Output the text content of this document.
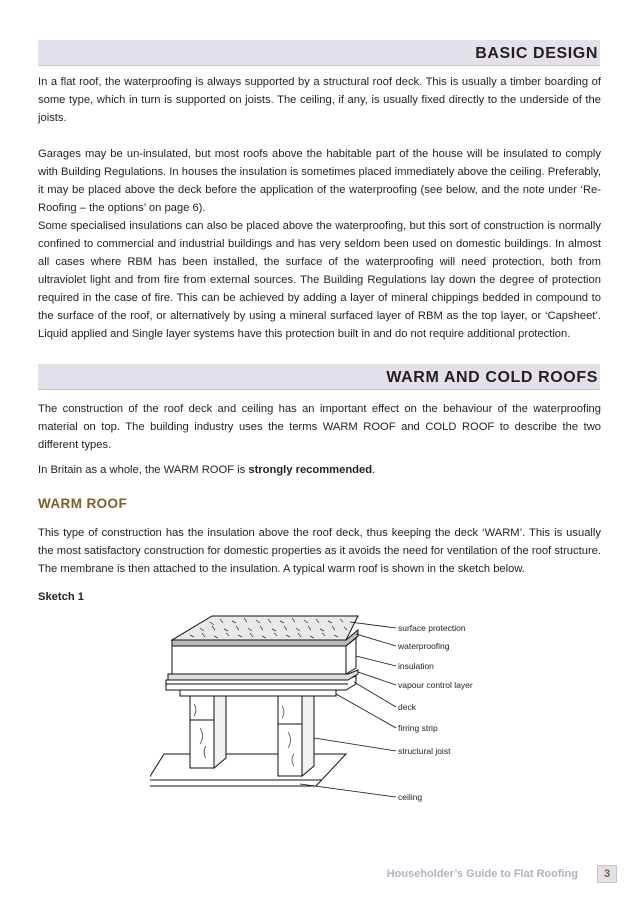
BASIC DESIGN

In a flat roof, the waterproofing is always supported by a structural roof deck. This is usually a timber boarding of some type, which in turn is supported on joists. The ceiling, if any, is usually fixed directly to the underside of the joists.

Garages may be un-insulated, but most roofs above the habitable part of the house will be insulated to comply with Building Regulations. In houses the insulation is sometimes placed immediately above the ceiling. Preferably, it may be placed above the deck before the application of the waterproofing (see below, and the note under ‘Re-Roofing – the options’ on page 6).

Some specialised insulations can also be placed above the waterproofing, but this sort of construction is normally confined to commercial and industrial buildings and has very seldom been used on domestic buildings. In almost all cases where RBM has been installed, the surface of the waterproofing will need protection, both from ultraviolet light and from fire from external sources. The Building Regulations lay down the degree of protection required in the case of fire. This can be achieved by adding a layer of mineral chippings bedded in compound to the surface of the roof, or alternatively by using a mineral surfaced layer of RBM as the top layer, or ‘Capsheet’. Liquid applied and Single layer systems have this protection built in and do not require additional protection.

WARM AND COLD ROOFS

The construction of the roof deck and ceiling has an important effect on the behaviour of the waterproofing material on top. The building industry uses the terms WARM ROOF and COLD ROOF to describe the two different types.

In Britain as a whole, the WARM ROOF is strongly recommended.

WARM ROOF

This type of construction has the insulation above the roof deck, thus keeping the deck ‘WARM’. This is usually the most satisfactory construction for domestic properties as it avoids the need for ventilation of the roof structure. The membrane is then attached to the insulation. A typical warm roof is shown in the sketch below.

Sketch 1

surface protection
waterproofing
insulation
vapour control layer
deck
firring strip
structural joist
ceiling
Householder’s Guide to Flat Roofing	3
